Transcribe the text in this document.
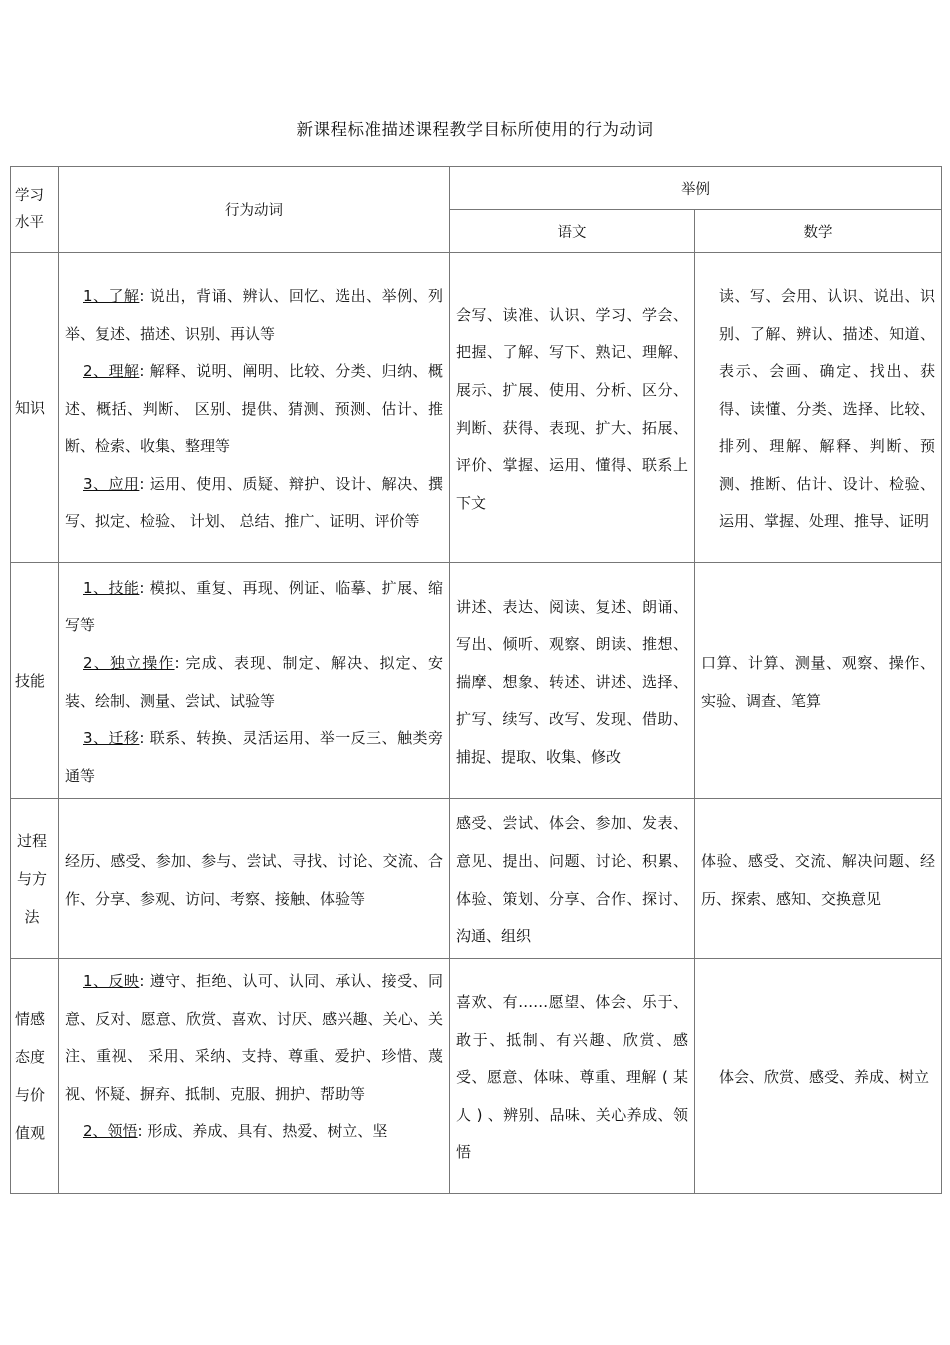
新课程标准描述课程教学目标所使用的行为动词
学习水平	行为动词	举例	
		语文	数学

知识	1、了解: 说出，背诵、辨认、回忆、选出、举例、列举、复述、描述、识别、再认等
2、理解: 解释、说明、阐明、比较、分类、归纳、概述、概括、判断、 区别、提供、猜测、预测、估计、推断、检索、收集、整理等
3、应用: 运用、使用、质疑、辩护、设计、解决、撰写、拟定、检验、 计划、 总结、推广、证明、评价等	会写、读准、认识、学习、学会、把握、了解、写下、熟记、理解、展示、扩展、使用、分析、区分、判断、获得、表现、扩大、拓展、评价、掌握、运用、懂得、联系上下文	读、写、会用、认识、说出、识别、了解、辨认、描述、知道、表示、会画、确定、找出、获得、读懂、分类、选择、比较、排列、理解、解释、判断、预测、推断、估计、设计、检验、运用、掌握、处理、推导、证明

技能	1、技能: 模拟、重复、再现、例证、临摹、扩展、缩写等
2、独立操作: 完成、表现、制定、解决、拟定、安装、绘制、测量、尝试、试验等
3、迁移: 联系、转换、灵活运用、举一反三、触类旁通等	讲述、表达、阅读、复述、朗诵、写出、倾听、观察、朗读、推想、揣摩、想象、转述、讲述、选择、扩写、续写、改写、发现、借助、捕捉、提取、收集、修改	口算、计算、测量、观察、操作、实验、调查、笔算

过程与方法	经历、感受、参加、参与、尝试、寻找、讨论、交流、合作、分享、参观、访问、考察、接触、体验等	感受、尝试、体会、参加、发表、意见、提出、问题、讨论、积累、体验、策划、分享、合作、探讨、沟通、组织	体验、感受、交流、解决问题、经历、探索、感知、交换意见

情感态度与价值观	1、反映: 遵守、拒绝、认可、认同、承认、接受、同意、反对、愿意、欣赏、喜欢、讨厌、感兴趣、关心、关注、重视、 采用、采纳、支持、尊重、爱护、珍惜、蔑视、怀疑、摒弃、抵制、克服、拥护、帮助等
2、领悟: 形成、养成、具有、热爱、树立、坚	喜欢、有……愿望、体会、乐于、敢于、抵制、有兴趣、欣赏、感受、愿意、体味、尊重、理解 ( 某人 ) 、辨别、品味、关心养成、领悟	体会、欣赏、感受、养成、树立
